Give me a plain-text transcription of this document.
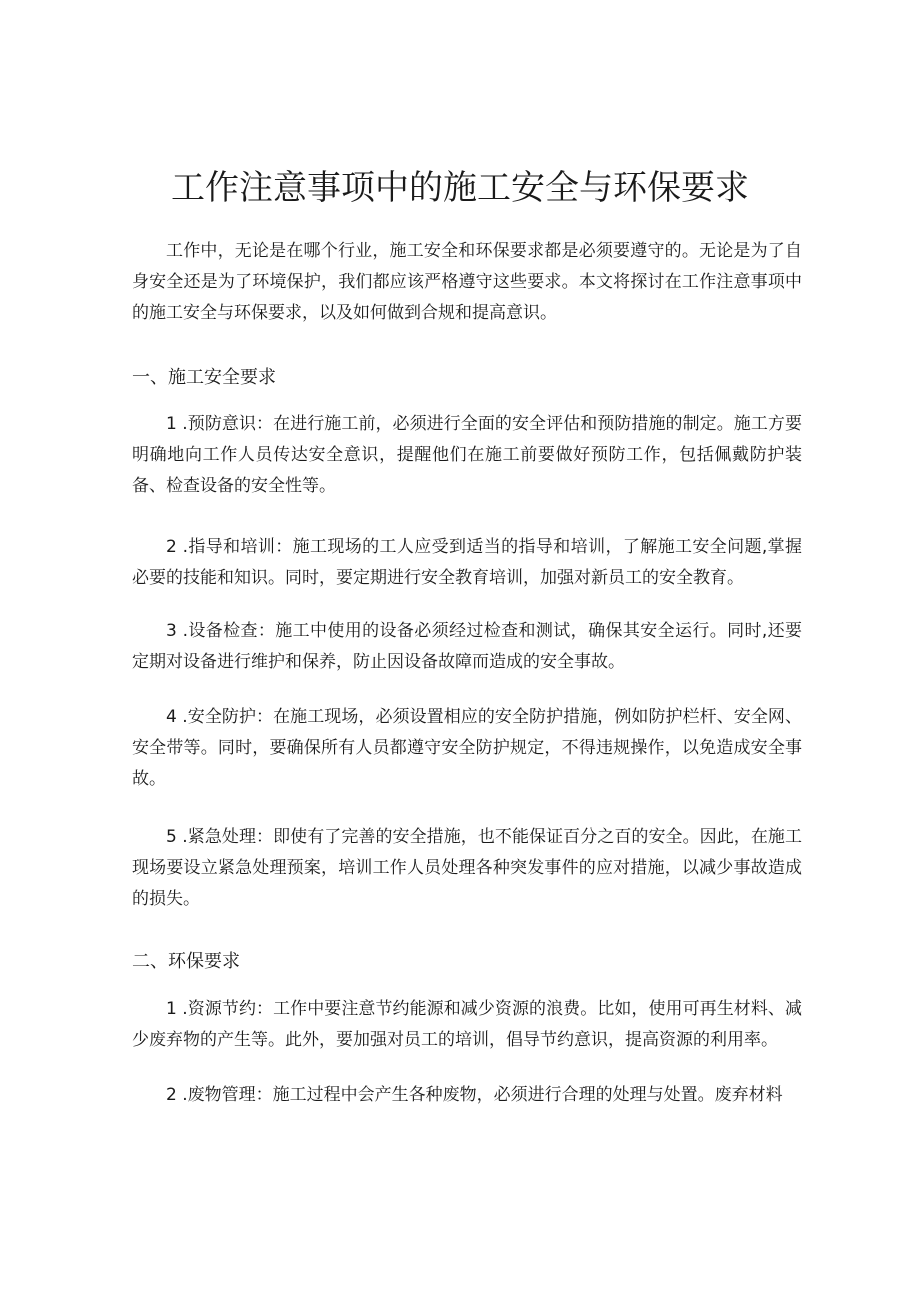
工作注意事项中的施工安全与环保要求

工作中，无论是在哪个行业，施工安全和环保要求都是必须要遵守的。无论是为了自身安全还是为了环境保护，我们都应该严格遵守这些要求。本文将探讨在工作注意事项中的施工安全与环保要求，以及如何做到合规和提高意识。

一、施工安全要求

1 .预防意识：在进行施工前，必须进行全面的安全评估和预防措施的制定。施工方要明确地向工作人员传达安全意识，提醒他们在施工前要做好预防工作，包括佩戴防护装备、检查设备的安全性等。

2 .指导和培训：施工现场的工人应受到适当的指导和培训，了解施工安全问题,掌握必要的技能和知识。同时，要定期进行安全教育培训，加强对新员工的安全教育。

3 .设备检查：施工中使用的设备必须经过检查和测试，确保其安全运行。同时,还要定期对设备进行维护和保养，防止因设备故障而造成的安全事故。

4 .安全防护：在施工现场，必须设置相应的安全防护措施，例如防护栏杆、安全网、安全带等。同时，要确保所有人员都遵守安全防护规定，不得违规操作，以免造成安全事故。

5 .紧急处理：即使有了完善的安全措施，也不能保证百分之百的安全。因此，在施工现场要设立紧急处理预案，培训工作人员处理各种突发事件的应对措施，以减少事故造成的损失。

二、环保要求

1 .资源节约：工作中要注意节约能源和减少资源的浪费。比如，使用可再生材料、减少废弃物的产生等。此外，要加强对员工的培训，倡导节约意识，提高资源的利用率。

2 .废物管理：施工过程中会产生各种废物，必须进行合理的处理与处置。废弃材料
